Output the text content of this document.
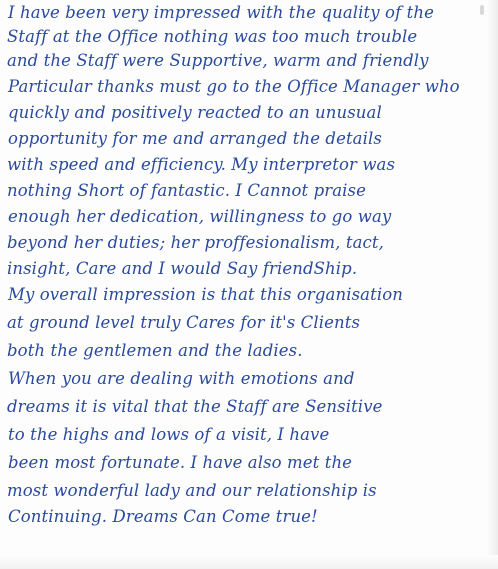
I have been very impressed with the quality of the
Staff at the Office nothing was too much trouble
and the Staff were Supportive, warm and friendly
Particular thanks must go to the Office Manager who
quickly and positively reacted to an unusual
opportunity for me and arranged the details
with speed and efficiency. My interpretor was
nothing Short of fantastic. I Cannot praise
enough her dedication, willingness to go way
beyond her duties; her proffesionalism, tact,
insight, Care and I would Say friendShip.
My overall impression is that this organisation
at ground level truly Cares for it's Clients
both the gentlemen and the ladies.
When you are dealing with emotions and
dreams it is vital that the Staff are Sensitive
to the highs and lows of a visit, I have
been most fortunate. I have also met the
most wonderful lady and our relationship is
Continuing. Dreams Can Come true!
